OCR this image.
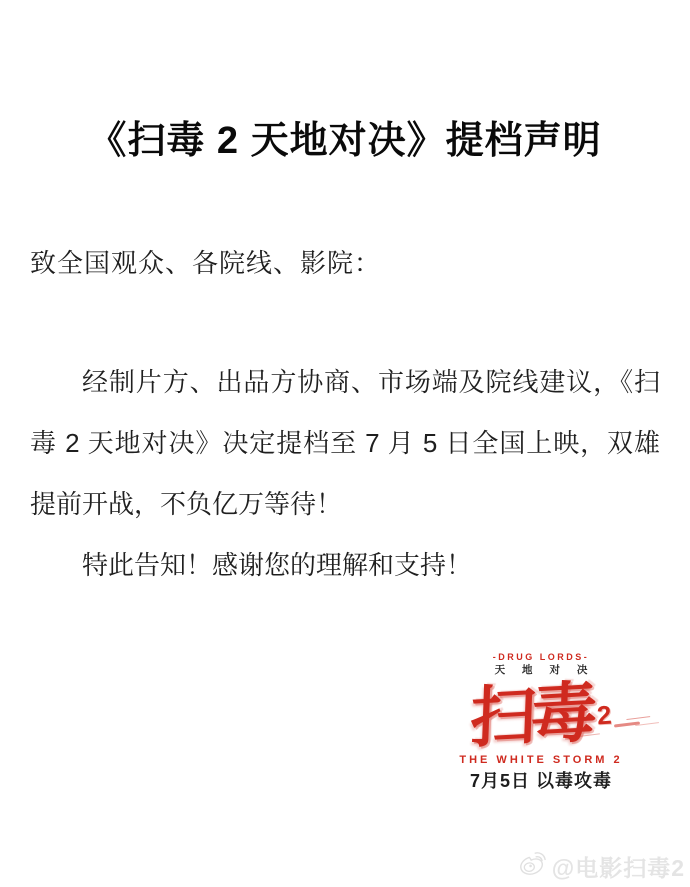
《扫毒 2 天地对决》提档声明
致全国观众、各院线、影院：
经制片方、出品方协商、市场端及院线建议，《扫
毒 2 天地对决》决定提档至 7 月 5 日全国上映，双雄
提前开战，不负亿万等待！
特此告知！感谢您的理解和支持！
-DRUG LORDS-
天 地 对 决
扫毒 2
THE WHITE STORM 2
7月5日 以毒攻毒
@电影扫毒2
